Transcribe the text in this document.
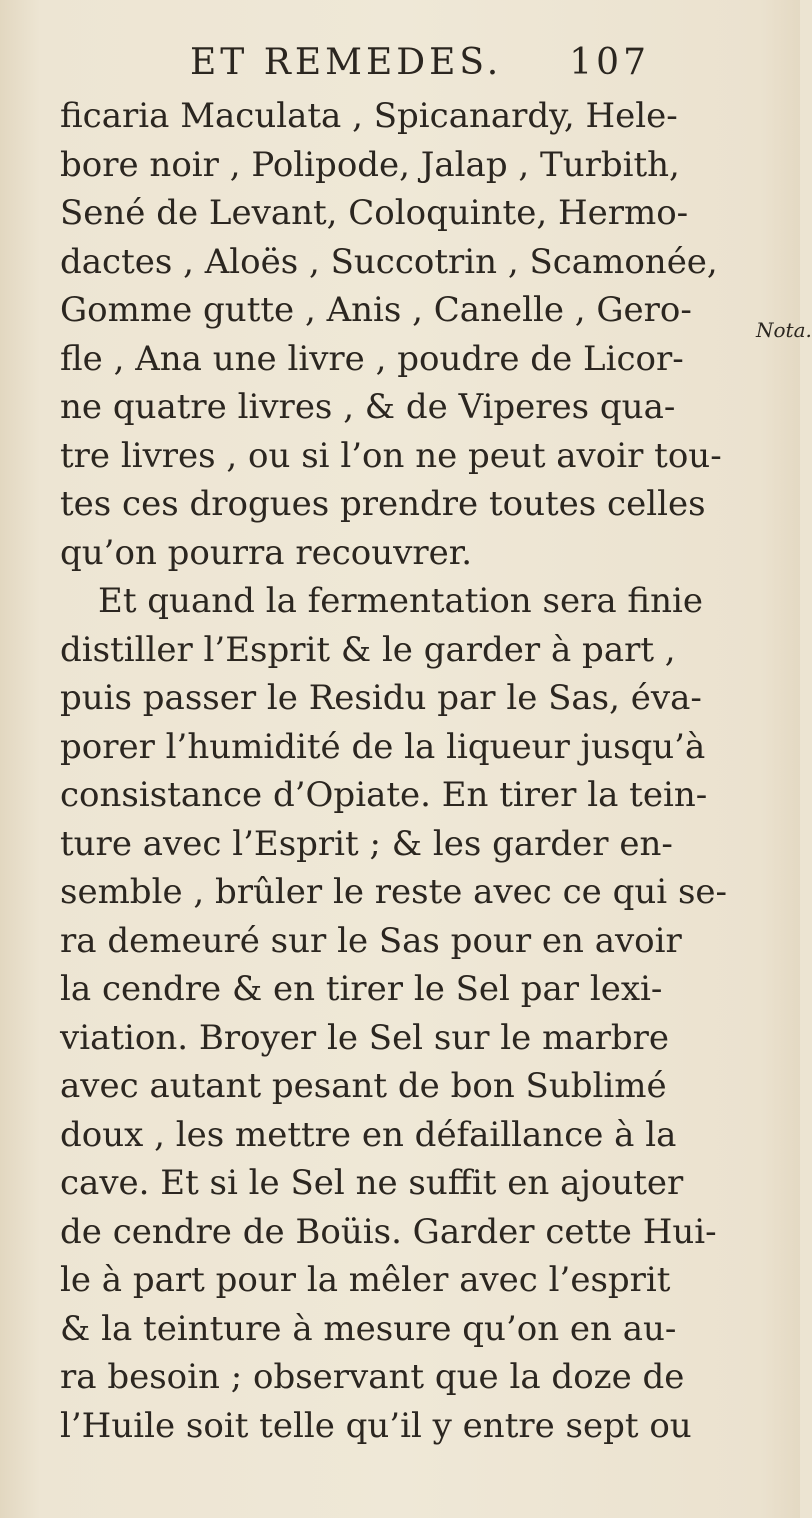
ET REMEDES. 107
ficaria Maculata , Spicanardy, Hele-
bore noir , Polipode, Jalap , Turbith,
Sené de Levant, Coloquinte, Hermo-
dactes , Aloës , Succotrin , Scamonée,
Gomme gutte , Anis , Canelle , Gero-
fle , Ana une livre , poudre de Licor-
ne quatre livres , & de Viperes qua-
tre livres , ou si l’on ne peut avoir tou-
tes ces drogues prendre toutes celles
qu’on pourra recouvrer.
Et quand la fermentation sera finie
distiller l’Esprit & le garder à part ,
puis passer le Residu par le Sas, éva-
porer l’humidité de la liqueur jusqu’à
consistance d’Opiate. En tirer la tein-
ture avec l’Esprit ; & les garder en-
semble , brûler le reste avec ce qui se-
ra demeuré sur le Sas pour en avoir
la cendre & en tirer le Sel par lexi-
viation. Broyer le Sel sur le marbre
avec autant pesant de bon Sublimé
doux , les mettre en défaillance à la
cave. Et si le Sel ne suffit en ajouter
de cendre de Boüis. Garder cette Hui-
le à part pour la mêler avec l’esprit
& la teinture à mesure qu’on en au-
ra besoin ; observant que la doze de
l’Huile soit telle qu’il y entre sept ou
Nota.
